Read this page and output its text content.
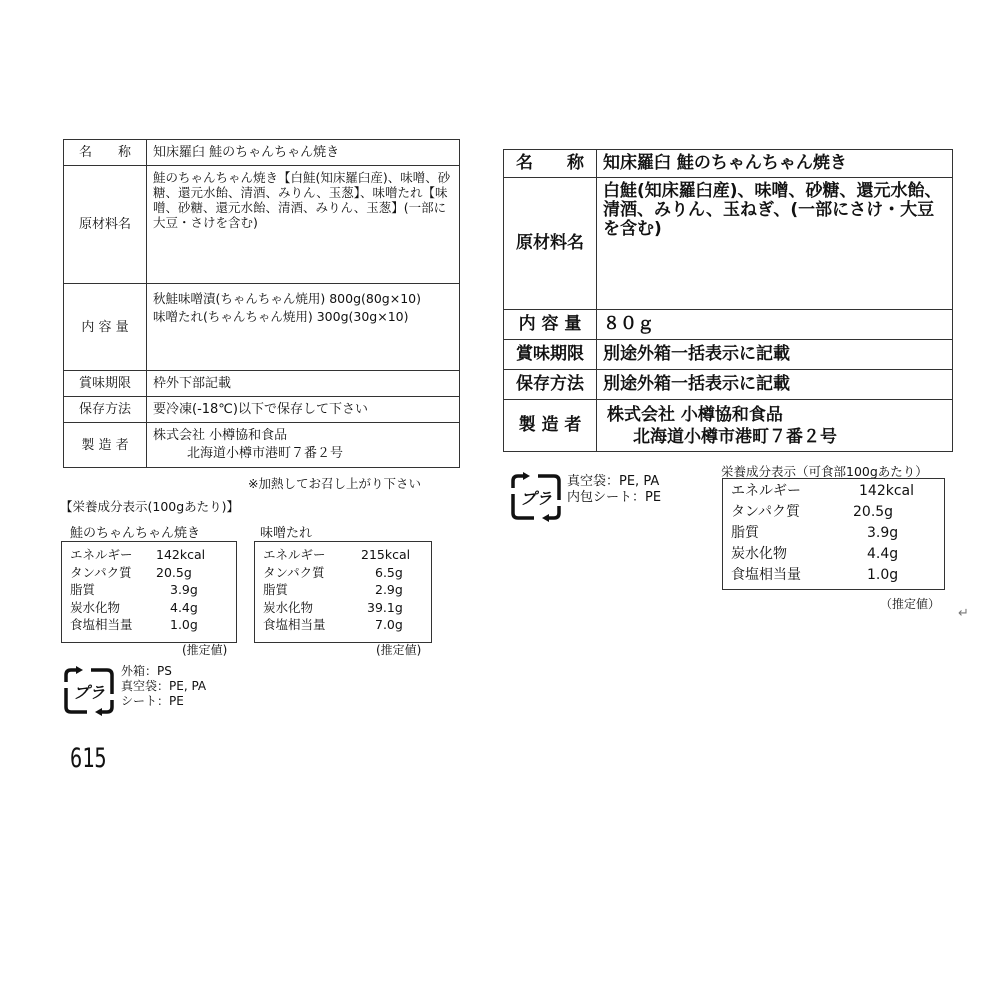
名　　称	知床羅臼 鮭のちゃんちゃん焼き
原材料名	鮭のちゃんちゃん焼き【白鮭(知床羅臼産)、味噌、砂糖、還元水飴、清酒、みりん、玉葱】、味噌たれ【味噌、砂糖、還元水飴、清酒、みりん、玉葱】(一部に大豆・さけを含む)
内 容 量	秋鮭味噌漬(ちゃんちゃん焼用) 800g(80g×10)
味噌たれ(ちゃんちゃん焼用) 300g(30g×10)

賞味期限	枠外下部記載
保存方法	要冷凍(-18℃)以下で保存して下さい
製 造 者	株式会社 小樽協和食品
北海道小樽市港町７番２号
※加熱してお召し上がり下さい
【栄養成分表示(100gあたり)】
鮭のちゃんちゃん焼き
エネルギー	142kcal
タンパク質	20.5g
脂質	3.9g
炭水化物	4.4g
食塩相当量	1.0g
(推定値)
味噌たれ
エネルギー	215kcal
タンパク質	6.5g
脂質	2.9g
炭水化物	39.1g
食塩相当量	7.0g
(推定値)
プラ
外箱：PS
真空袋：PE, PA
シート：PE
615
名　　称	知床羅臼 鮭のちゃんちゃん焼き
原材料名	白鮭(知床羅臼産)、味噌、砂糖、還元水飴、清酒、みりん、玉ねぎ、(一部にさけ・大豆を含む)
内 容 量	８０ｇ
賞味期限	別途外箱一括表示に記載
保存方法	別途外箱一括表示に記載
製 造 者	株式会社 小樽協和食品
北海道小樽市港町７番２号
プラ
真空袋：PE, PA
内包シート：PE
栄養成分表示（可食部100gあたり）
エネルギー	142kcal
タンパク質	20.5g
脂質	3.9g
炭水化物	4.4g
食塩相当量	1.0g
（推定値）
↵
